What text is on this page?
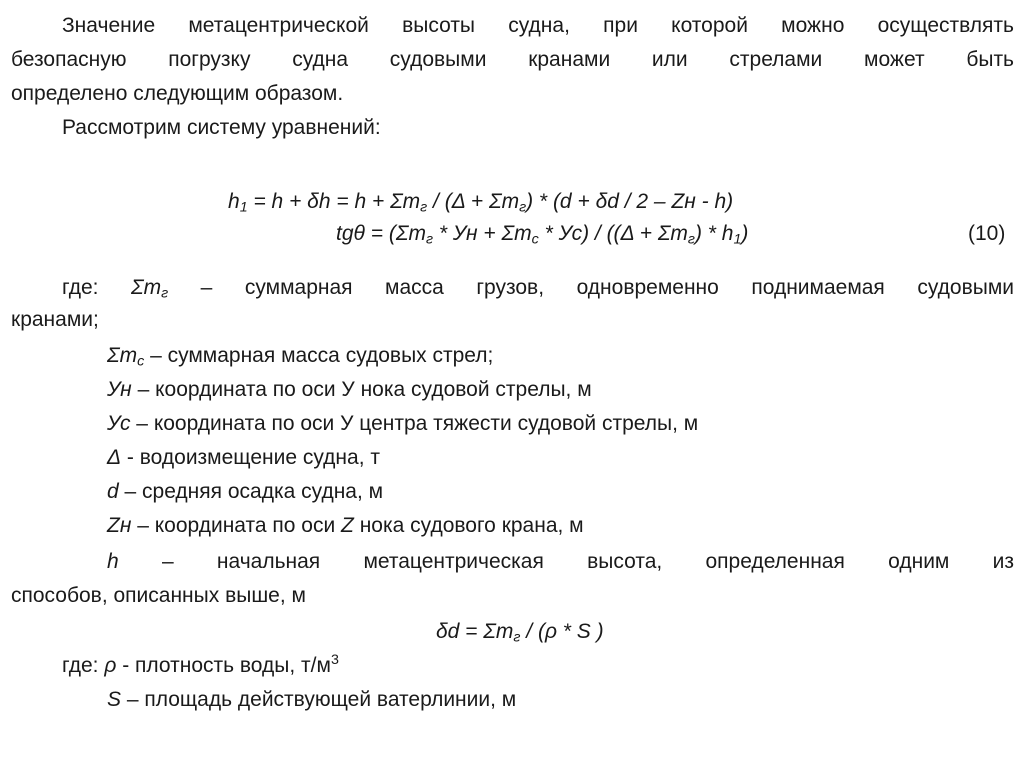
Значение метацентрической высоты судна, при которой можно осуществлять
безопасную погрузку судна судовыми кранами или стрелами может быть
определено следующим образом.
Рассмотрим систему уравнений:
$h_1 = h + \delta h = h + \Sigma m_г / (\Delta + \Sigma m_г) * (d + \delta d / 2$ – Zн - h)
$tg\theta = (\Sigma m_г$ * Ун + $\Sigma m_c * Ус) / ((\Delta + \Sigma m_г) * h_1)$	(10)
где: $\Sigma m_г$ – суммарная масса грузов, одновременно поднимаемая судовыми
кранами;
$\Sigma m_c$ – суммарная масса судовых стрел;
Ун – координата по оси У нока судовой стрелы, м
Ус – координата по оси У центра тяжести судовой стрелы, м
Δ - водоизмещение судна, т
d – средняя осадка судна, м
Zн – координата по оси Z нока судового крана, м
h – начальная метацентрическая высота, определенная одним из
способов, описанных выше, м
$\delta d = \Sigma m_г / (\rho * S$ )
где: ρ - плотность воды, $т/м^3$
S – площадь действующей ватерлинии, м
